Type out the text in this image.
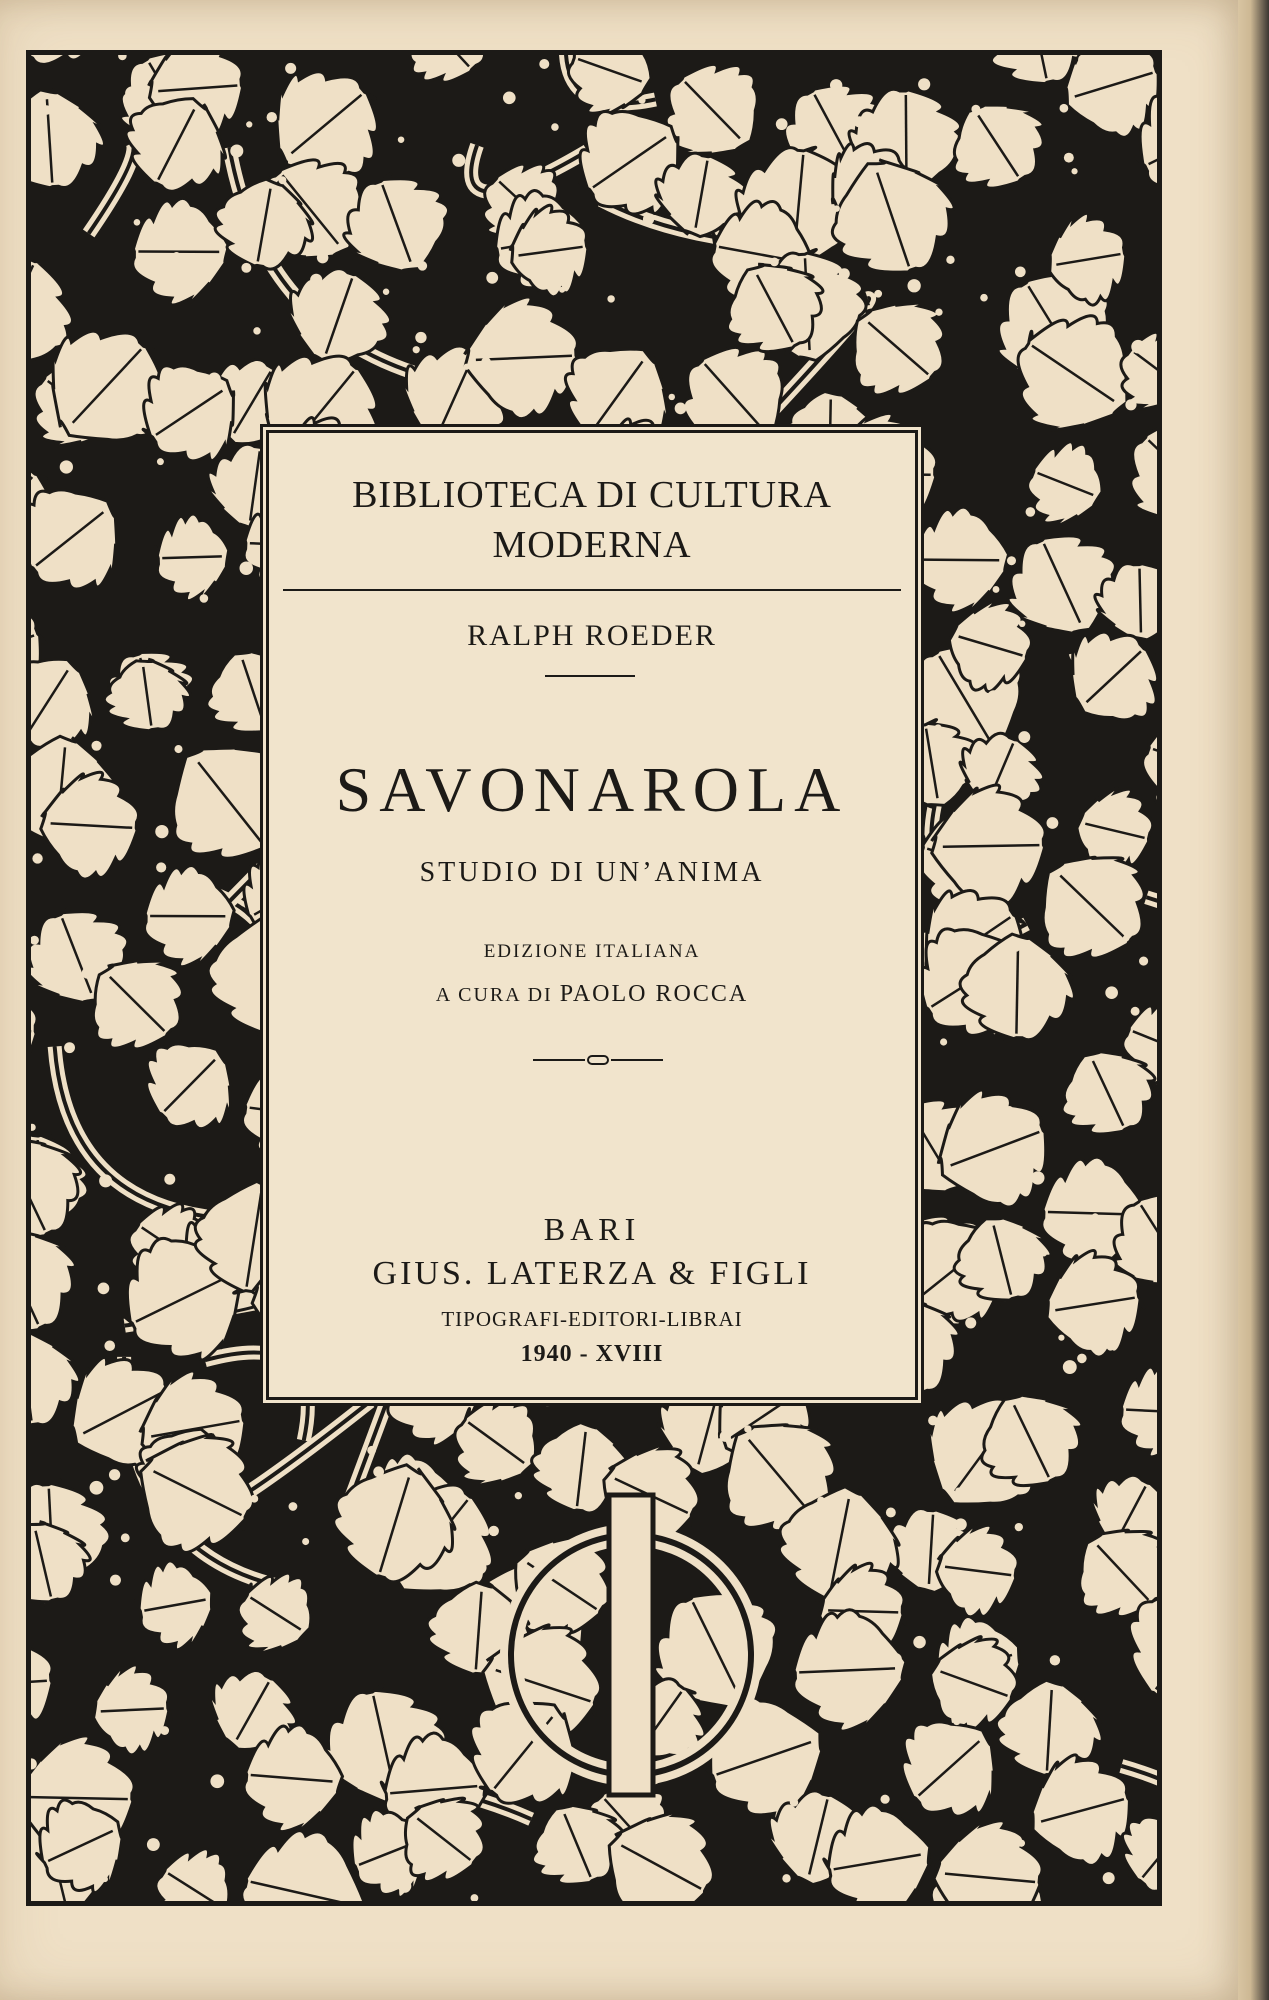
BIBLIOTECA DI CULTURA
MODERNA
RALPH ROEDER
SAVONAROLA
STUDIO DI UN’ANIMA
EDIZIONE ITALIANA
A CURA DI PAOLO ROCCA
BARI
GIUS. LATERZA & FIGLI
TIPOGRAFI-EDITORI-LIBRAI
1940 - XVIII
